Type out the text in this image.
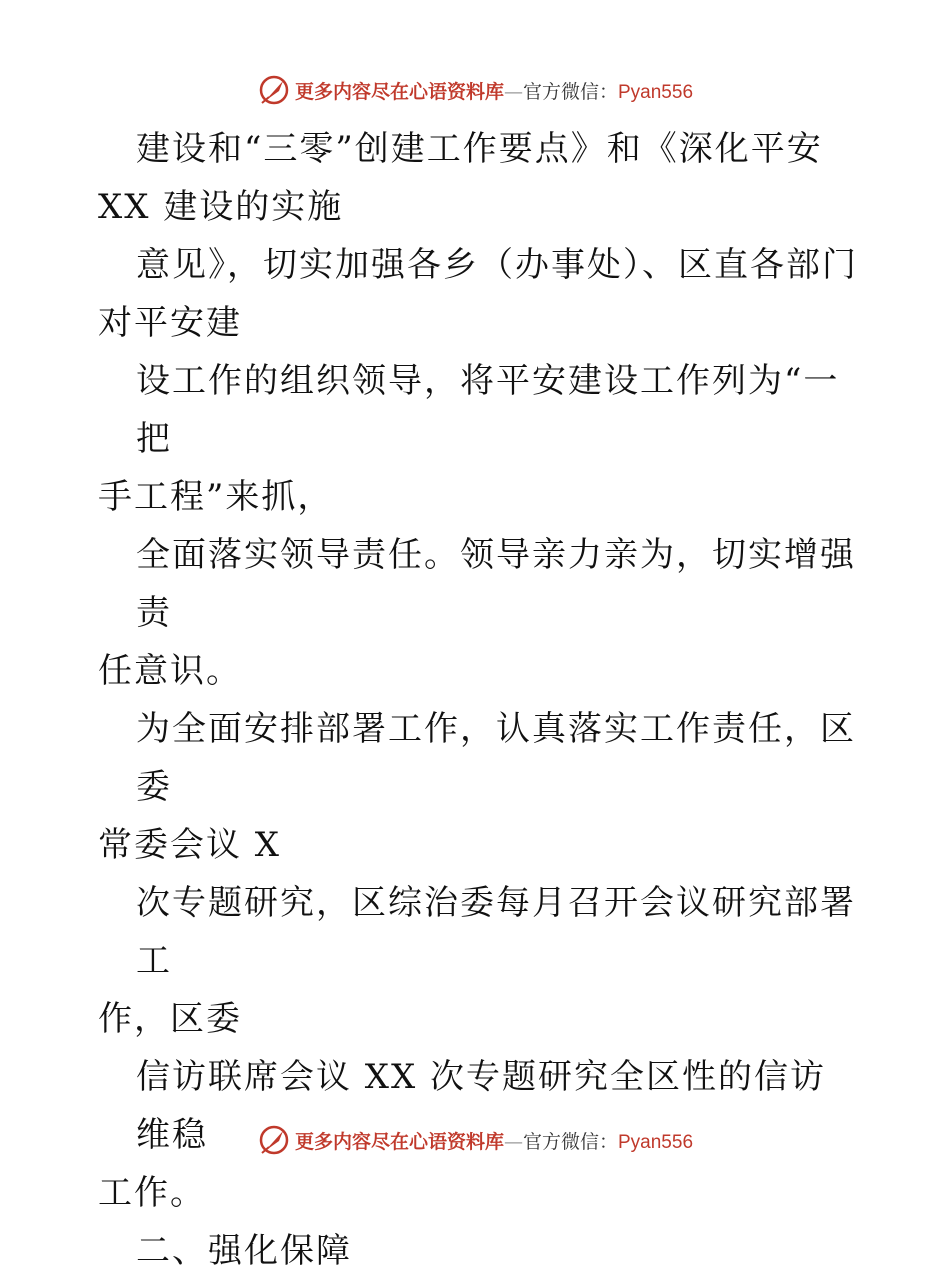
更多内容尽在心语资料库—官方微信：Pyan556
建设和“三零”创建工作要点》和《深化平安
XX 建设的实施
意见》，切实加强各乡（办事处）、区直各部门
对平安建
设工作的组织领导，将平安建设工作列为“一把
手工程”来抓，
全面落实领导责任。领导亲力亲为，切实增强责
任意识。
为全面安排部署工作，认真落实工作责任，区委
常委会议 X
次专题研究，区综治委每月召开会议研究部署工
作，区委
信访联席会议 XX 次专题研究全区性的信访维稳
工作。
二、强化保障
更多内容尽在心语资料库—官方微信：Pyan556
